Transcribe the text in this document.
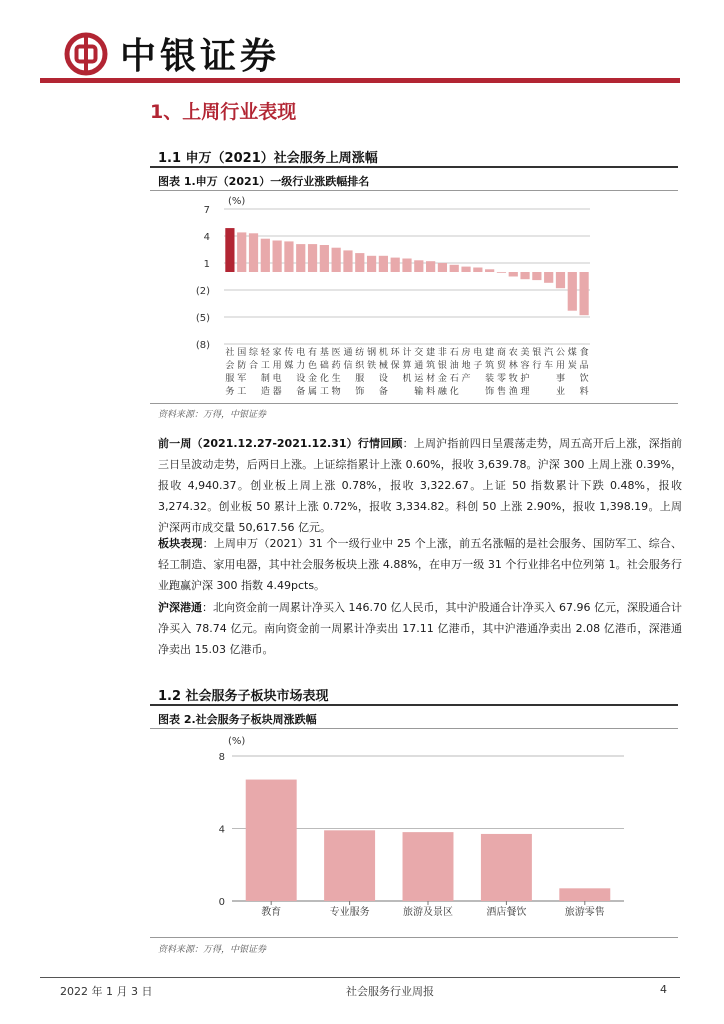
中银证券
1、上周行业表现
1.1 申万（2021）社会服务上周涨幅
图表 1.申万（2021）一级行业涨跌幅排名
7
4
1
(2)
(5)
(8)
社
会
服
务
国
防
军
工
综
合
轻
工
制
造
家
用
电
器
传
媒
电
力
设
备
有
色
金
属
基
础
化
工
医
药
生
物
通
信
纺
织
服
饰
钢
铁
机
械
设
备
环
保
计
算
机
交
通
运
输
建
筑
材
料
非
银
金
融
石
油
石
化
房
地
产
电
子
建
筑
装
饰
商
贸
零
售
农
林
牧
渔
美
容
护
理
银
行
汽
车
公
用
事
业
煤
炭
食
品
饮
料
(%)
资料来源：万得，中银证券
前一周（2021.12.27-2021.12.31）行情回顾：上周沪指前四日呈震荡走势，周五高开后上涨，深指前三日呈波动走势，后两日上涨。上证综指累计上涨 0.60%，报收 3,639.78。沪深 300 上周上涨 0.39%，报收 4,940.37。创业板上周上涨 0.78%，报收 3,322.67。上证 50 指数累计下跌 0.48%，报收 3,274.32。创业板 50 累计上涨 0.72%，报收 3,334.82。科创 50 上涨 2.90%，报收 1,398.19。上周沪深两市成交量 50,617.56 亿元。
板块表现：上周申万（2021）31 个一级行业中 25 个上涨，前五名涨幅的是社会服务、国防军工、综合、轻工制造、家用电器，其中社会服务板块上涨 4.88%，在申万一级 31 个行业排名中位列第 1。社会服务行业跑赢沪深 300 指数 4.49pcts。
沪深港通：北向资金前一周累计净买入 146.70 亿人民币，其中沪股通合计净买入 67.96 亿元，深股通合计净买入 78.74 亿元。南向资金前一周累计净卖出 17.11 亿港币，其中沪港通净卖出 2.08 亿港币，深港通净卖出 15.03 亿港币。
1.2 社会服务子板块市场表现
图表 2.社会服务子板块周涨跌幅
0
4
8
教育	专业服务	旅游及景区	酒店餐饮	旅游零售
(%)
资料来源：万得，中银证券
2022 年 1 月 3 日	社会服务行业周报	4
